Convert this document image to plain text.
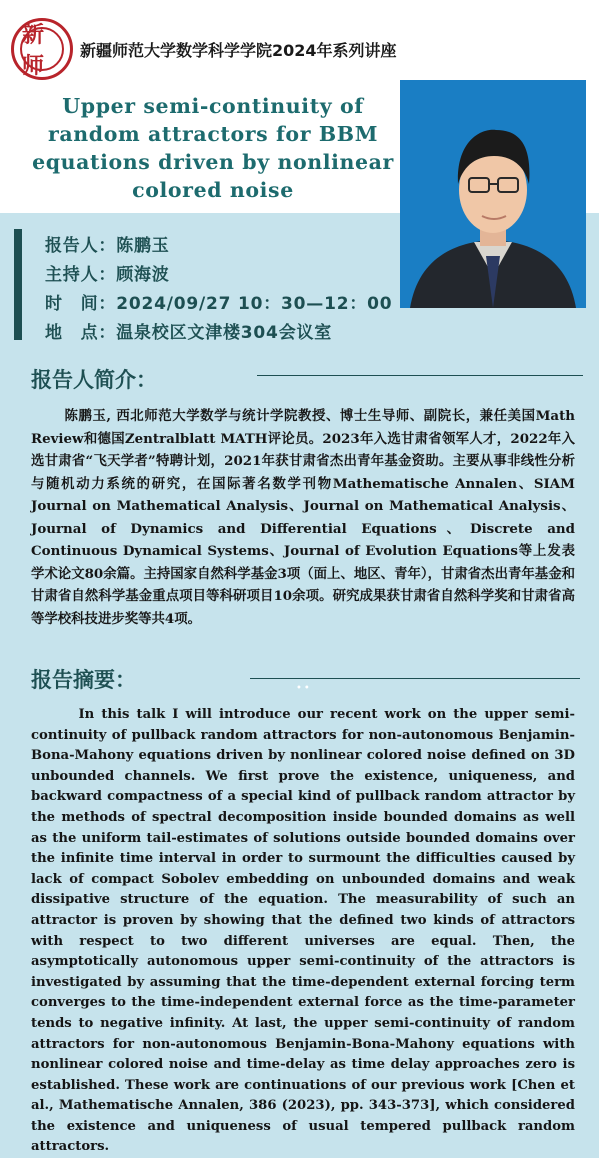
新师
新疆师范大学数学科学学院2024年系列讲座
Upper semi-continuity of random attractors for BBM equations driven by nonlinear colored noise
报告人：陈鹏玉
主持人：顾海波
时　间：2024/09/27 10：30—12：00
地　点：温泉校区文津楼304会议室
报告人简介：
陈鹏玉, 西北师范大学数学与统计学院教授、博士生导师、副院长，兼任美国Math Review和德国Zentralblatt MATH评论员。2023年入选甘肃省领军人才，2022年入选甘肃省“飞天学者”特聘计划，2021年获甘肃省杰出青年基金资助。主要从事非线性分析与随机动力系统的研究，在国际著名数学刊物Mathematische Annalen、SIAM Journal on Mathematical Analysis、Journal on Mathematical Analysis、Journal of Dynamics and Differential Equations、Discrete and Continuous Dynamical Systems、Journal of Evolution Equations等上发表学术论文80余篇。主持国家自然科学基金3项（面上、地区、青年），甘肃省杰出青年基金和甘肃省自然科学基金重点项目等科研项目10余项。研究成果获甘肃省自然科学奖和甘肃省高等学校科技进步奖等共4项。
报告摘要：	••
In this talk I will introduce our recent work on the upper semi-continuity of pullback random attractors for non-autonomous Benjamin-Bona-Mahony equations driven by nonlinear colored noise defined on 3D unbounded channels. We first prove the existence, uniqueness, and backward compactness of a special kind of pullback random attractor by the methods of spectral decomposition inside bounded domains as well as the uniform tail-estimates of solutions outside bounded domains over the infinite time interval in order to surmount the difficulties caused by lack of compact Sobolev embedding on unbounded domains and weak dissipative structure of the equation. The measurability of such an attractor is proven by showing that the defined two kinds of attractors with respect to two different universes are equal. Then, the asymptotically autonomous upper semi-continuity of the attractors is investigated by assuming that the time-dependent external forcing term converges to the time-independent external force as the time-parameter tends to negative infinity. At last, the upper semi-continuity of random attractors for non-autonomous Benjamin-Bona-Mahony equations with nonlinear colored noise and time-delay as time delay approaches zero is established. These work are continuations of our previous work [Chen et al., Mathematische Annalen, 386 (2023), pp. 343-373], which considered the existence and uniqueness of usual tempered pullback random attractors.
